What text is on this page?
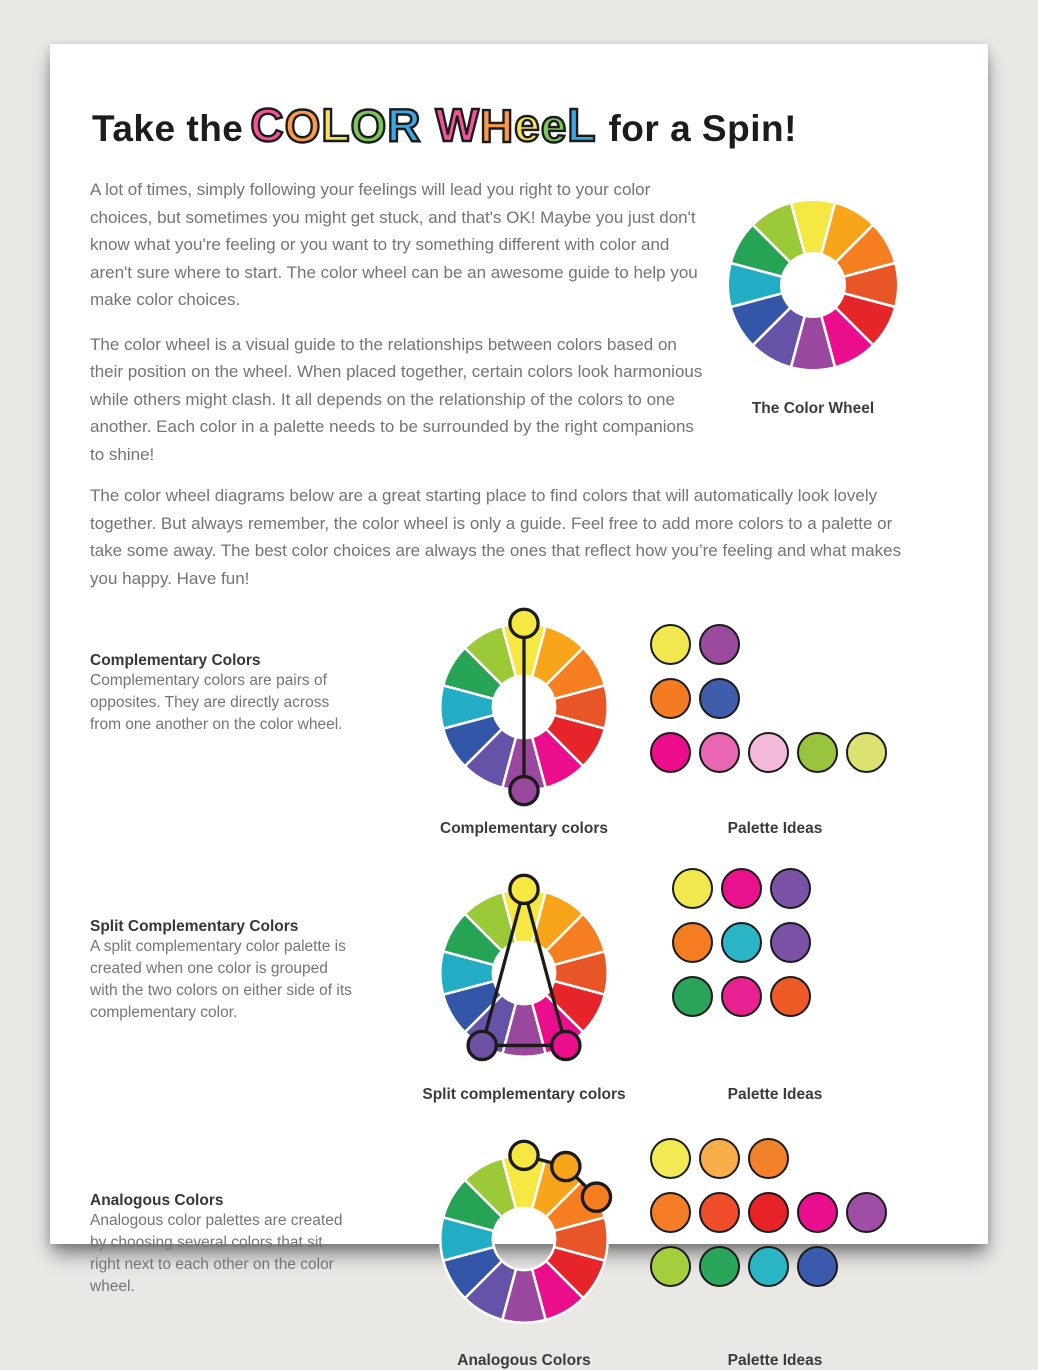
Take the COLOR WHeeL for a Spin!

A lot of times, simply following your feelings will lead you right to your color choices, but sometimes you might get stuck, and that's OK! Maybe you just don't know what you're feeling or you want to try something different with color and aren't sure where to start. The color wheel can be an awesome guide to help you make color choices.

The color wheel is a visual guide to the relationships between colors based on their position on the wheel. When placed together, certain colors look harmonious while others might clash. It all depends on the relationship of the colors to one another. Each color in a palette needs to be surrounded by the right companions to shine!

The Color Wheel

The color wheel diagrams below are a great starting place to find colors that will automatically look lovely together. But always remember, the color wheel is only a guide. Feel free to add more colors to a palette or take some away. The best color choices are always the ones that reflect how you’re feeling and what makes you happy. Have fun!

Complementary Colors

Complementary colors are pairs of opposites. They are directly across from one another on the color wheel.

Complementary colors	Palette Ideas
Split Complementary Colors

A split complementary color palette is created when one color is grouped with the two colors on either side of its complementary color.

Split complementary colors	Palette Ideas
Analogous Colors

Analogous color palettes are created by choosing several colors that sit right next to each other on the color wheel.

Analogous Colors	Palette Ideas
